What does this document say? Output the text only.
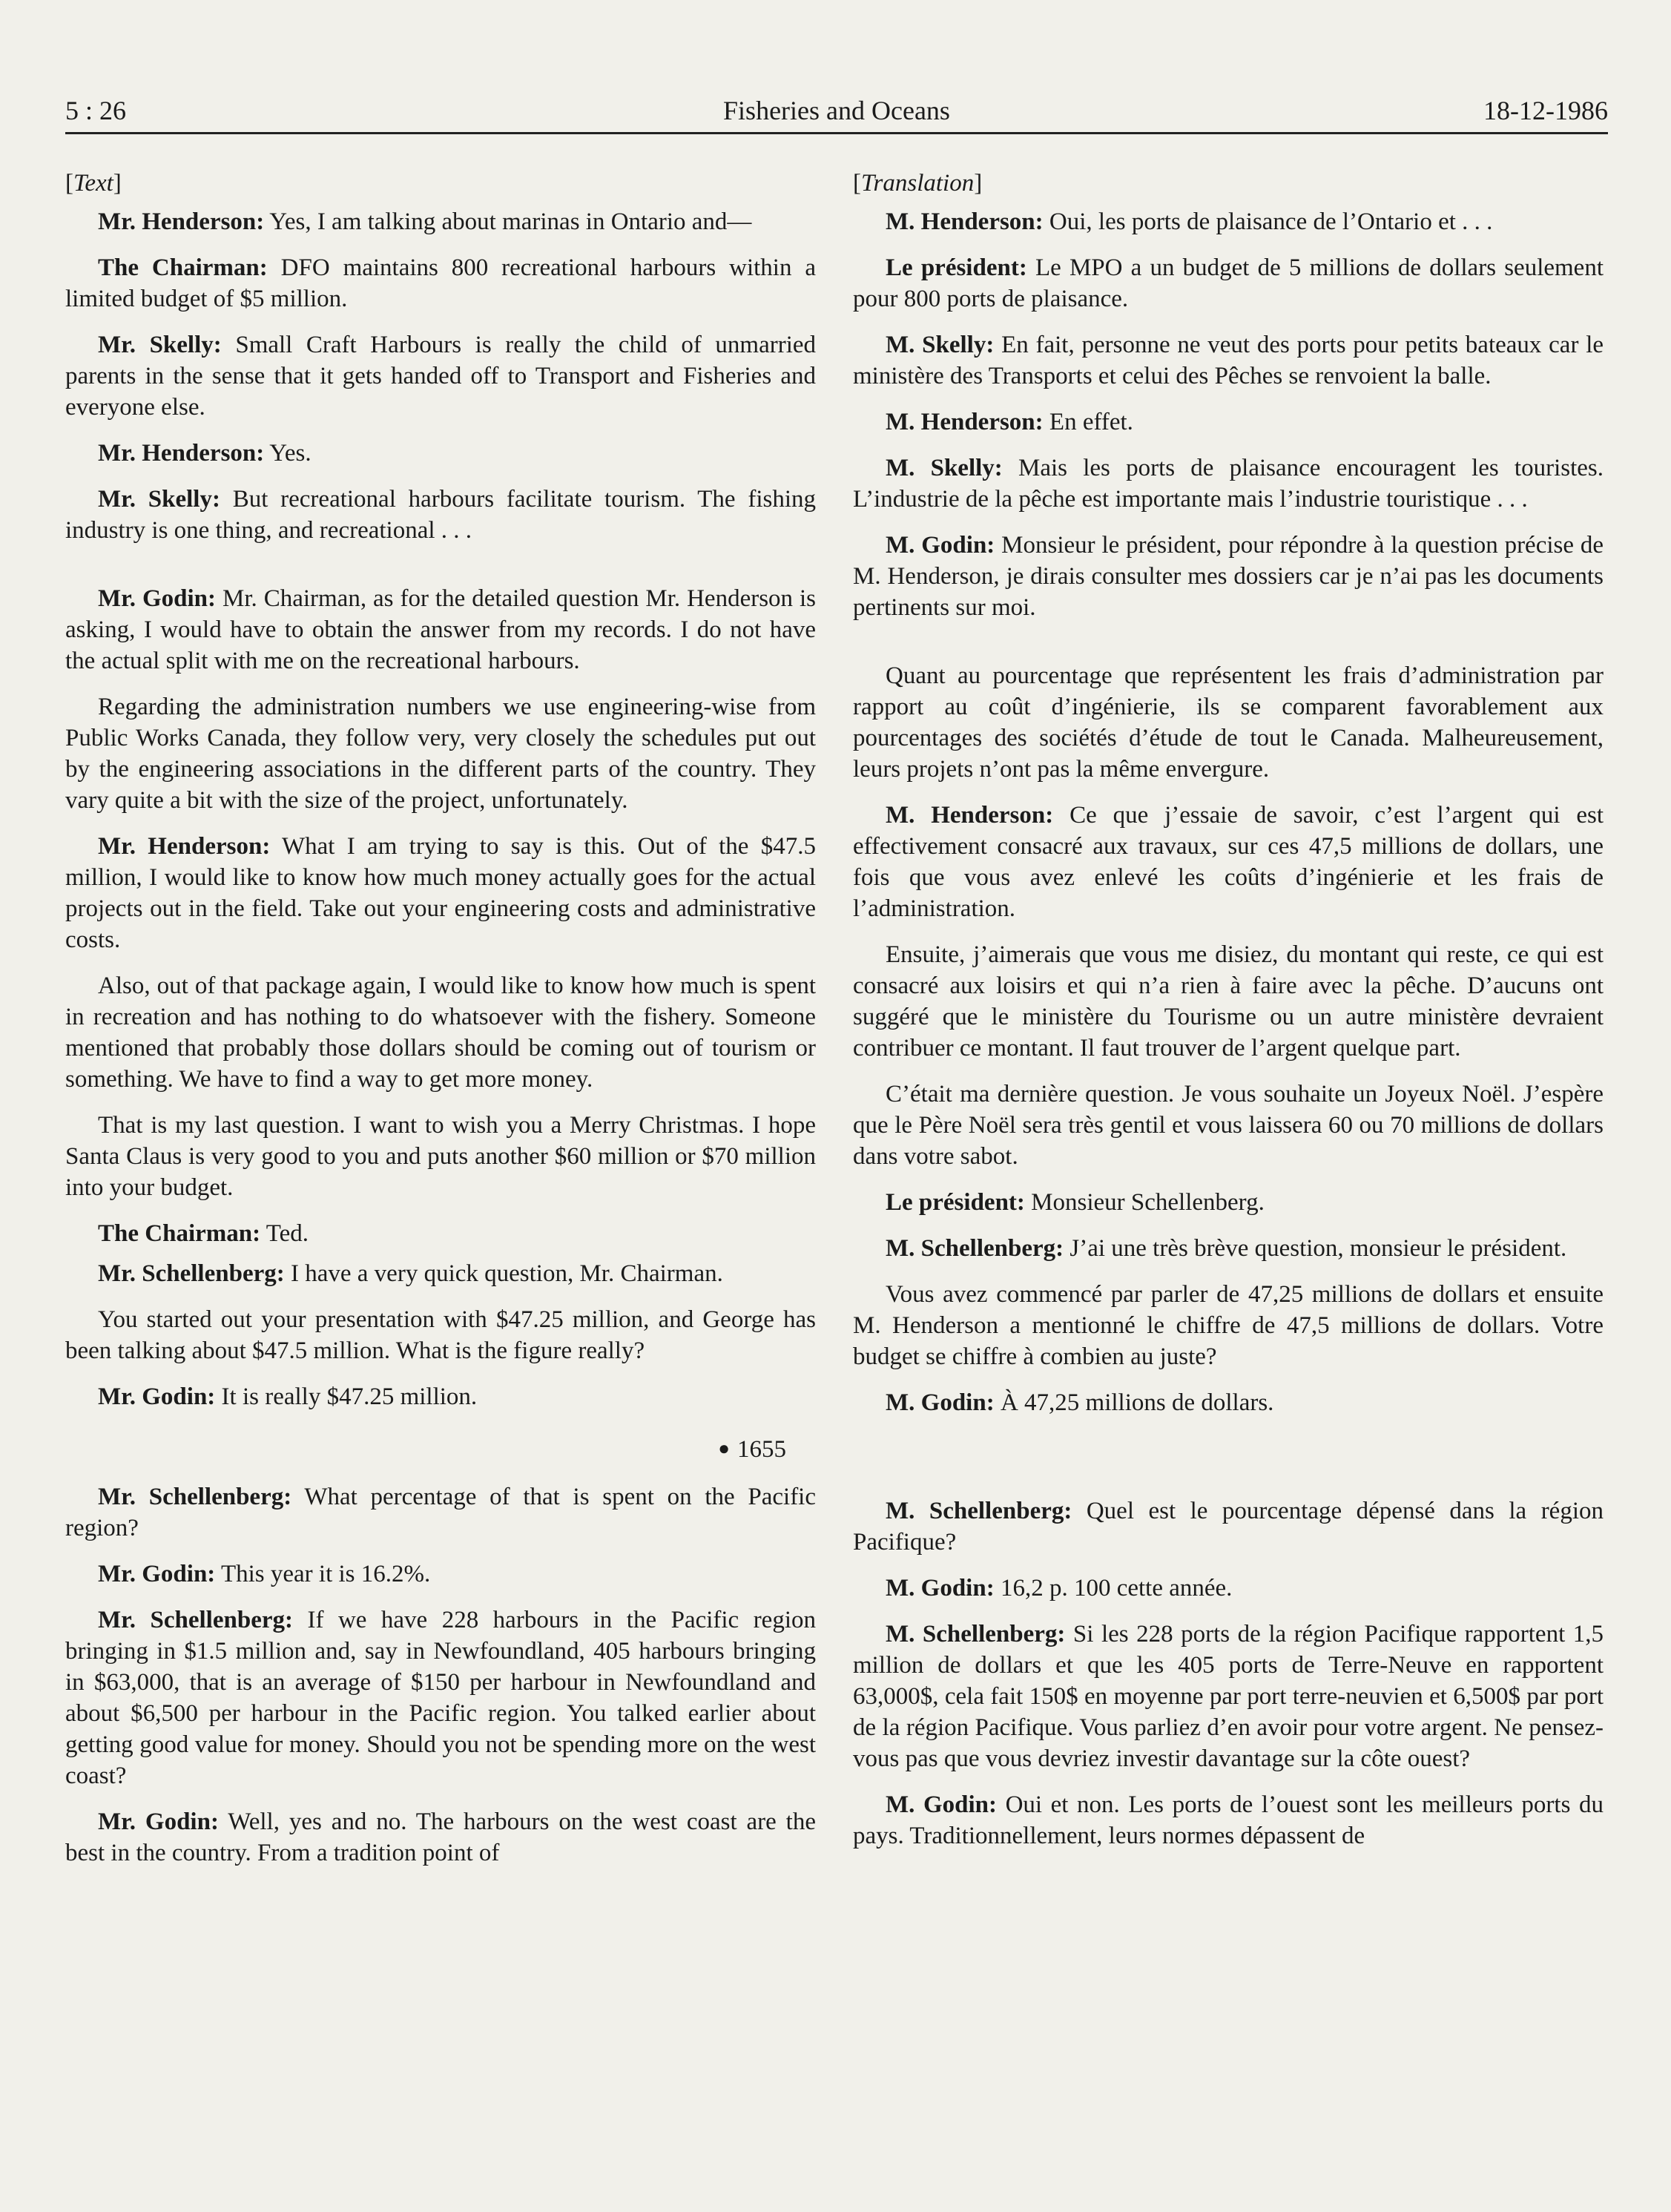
5 : 26	Fisheries and Oceans	18-12-1986

[Text]

Mr. Henderson: Yes, I am talking about marinas in Ontario and—

The Chairman: DFO maintains 800 recreational harbours within a limited budget of $5 million.

Mr. Skelly: Small Craft Harbours is really the child of unmarried parents in the sense that it gets handed off to Transport and Fisheries and everyone else.

Mr. Henderson: Yes.

Mr. Skelly: But recreational harbours facilitate tourism. The fishing industry is one thing, and recreational . . .

Mr. Godin: Mr. Chairman, as for the detailed question Mr. Henderson is asking, I would have to obtain the answer from my records. I do not have the actual split with me on the recreational harbours.

Regarding the administration numbers we use engineering-wise from Public Works Canada, they follow very, very closely the schedules put out by the engineering associations in the different parts of the country. They vary quite a bit with the size of the project, unfortunately.

Mr. Henderson: What I am trying to say is this. Out of the $47.5 million, I would like to know how much money actually goes for the actual projects out in the field. Take out your engineering costs and administrative costs.

Also, out of that package again, I would like to know how much is spent in recreation and has nothing to do whatsoever with the fishery. Someone mentioned that probably those dollars should be coming out of tourism or something. We have to find a way to get more money.

That is my last question. I want to wish you a Merry Christmas. I hope Santa Claus is very good to you and puts another $60 million or $70 million into your budget.

The Chairman: Ted.

Mr. Schellenberg: I have a very quick question, Mr. Chairman.

You started out your presentation with $47.25 million, and George has been talking about $47.5 million. What is the figure really?

Mr. Godin: It is really $47.25 million.

● 1655

Mr. Schellenberg: What percentage of that is spent on the Pacific region?

Mr. Godin: This year it is 16.2%.

Mr. Schellenberg: If we have 228 harbours in the Pacific region bringing in $1.5 million and, say in Newfoundland, 405 harbours bringing in $63,000, that is an average of $150 per harbour in Newfoundland and about $6,500 per harbour in the Pacific region. You talked earlier about getting good value for money. Should you not be spending more on the west coast?

Mr. Godin: Well, yes and no. The harbours on the west coast are the best in the country. From a tradition point of

[Translation]

M. Henderson: Oui, les ports de plaisance de l’Ontario et . . .

Le président: Le MPO a un budget de 5 millions de dollars seulement pour 800 ports de plaisance.

M. Skelly: En fait, personne ne veut des ports pour petits bateaux car le ministère des Transports et celui des Pêches se renvoient la balle.

M. Henderson: En effet.

M. Skelly: Mais les ports de plaisance encouragent les touristes. L’industrie de la pêche est importante mais l’industrie touristique . . .

M. Godin: Monsieur le président, pour répondre à la question précise de M. Henderson, je dirais consulter mes dossiers car je n’ai pas les documents pertinents sur moi.

Quant au pourcentage que représentent les frais d’administration par rapport au coût d’ingénierie, ils se comparent favorablement aux pourcentages des sociétés d’étude de tout le Canada. Malheureusement, leurs projets n’ont pas la même envergure.

M. Henderson: Ce que j’essaie de savoir, c’est l’argent qui est effectivement consacré aux travaux, sur ces 47,5 millions de dollars, une fois que vous avez enlevé les coûts d’ingénierie et les frais de l’administration.

Ensuite, j’aimerais que vous me disiez, du montant qui reste, ce qui est consacré aux loisirs et qui n’a rien à faire avec la pêche. D’aucuns ont suggéré que le ministère du Tourisme ou un autre ministère devraient contribuer ce montant. Il faut trouver de l’argent quelque part.

C’était ma dernière question. Je vous souhaite un Joyeux Noël. J’espère que le Père Noël sera très gentil et vous laissera 60 ou 70 millions de dollars dans votre sabot.

Le président: Monsieur Schellenberg.

M. Schellenberg: J’ai une très brève question, monsieur le président.

Vous avez commencé par parler de 47,25 millions de dollars et ensuite M. Henderson a mentionné le chiffre de 47,5 millions de dollars. Votre budget se chiffre à combien au juste?

M. Godin: À 47,25 millions de dollars.

M. Schellenberg: Quel est le pourcentage dépensé dans la région Pacifique?

M. Godin: 16,2 p. 100 cette année.

M. Schellenberg: Si les 228 ports de la région Pacifique rapportent 1,5 million de dollars et que les 405 ports de Terre-Neuve en rapportent 63,000$, cela fait 150$ en moyenne par port terre-neuvien et 6,500$ par port de la région Pacifique. Vous parliez d’en avoir pour votre argent. Ne pensez-vous pas que vous devriez investir davantage sur la côte ouest?

M. Godin: Oui et non. Les ports de l’ouest sont les meilleurs ports du pays. Traditionnellement, leurs normes dépassent de
